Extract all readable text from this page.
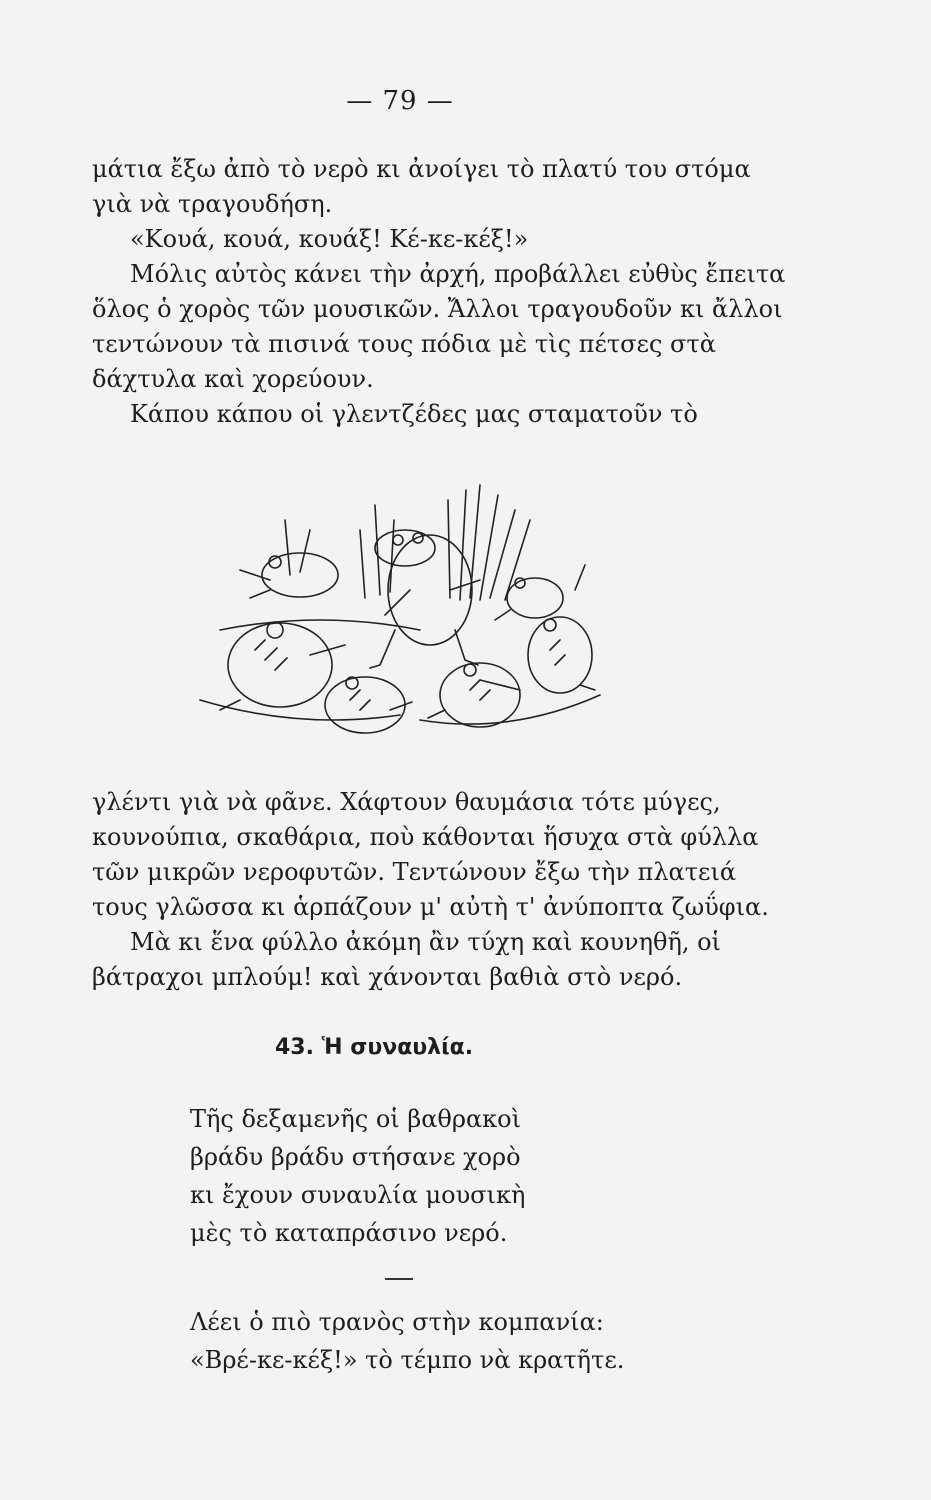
— 79 —

μάτια ἔξω ἀπὸ τὸ νερὸ κι ἀνοίγει τὸ πλατύ του στόμα γιὰ νὰ τραγουδήση.

«Κουά, κουά, κουάξ! Κέ-κε-κέξ!»

Μόλις αὐτὸς κάνει τὴν ἀρχή, προβάλλει εὐθὺς ἔπειτα ὅλος ὁ χορὸς τῶν μουσικῶν. Ἄλλοι τραγουδοῦν κι ἄλλοι τεντώνουν τὰ πισινά τους πόδια μὲ τὶς πέτσες στὰ δάχτυλα καὶ χορεύουν.

Κάπου κάπου οἱ γλεντζέδες μας σταματοῦν τὸ

γλέντι γιὰ νὰ φᾶνε. Χάφτουν θαυμάσια τότε μύγες, κουνούπια, σκαθάρια, ποὺ κάθονται ἥσυχα στὰ φύλλα τῶν μικρῶν νεροφυτῶν. Τεντώνουν ἔξω τὴν πλατειά τους γλῶσσα κι ἁρπάζουν μ' αὐτὴ τ' ἀνύποπτα ζωΰφια.

Μὰ κι ἕνα φύλλο ἀκόμη ἂν τύχη καὶ κουνηθῆ, οἱ βάτραχοι μπλούμ! καὶ χάνονται βαθιὰ στὸ νερό.

43. Ἡ συναυλία.
Τῆς δεξαμενῆς οἱ βαθρακοὶ
βράδυ βράδυ στήσανε χορὸ
κι ἔχουν συναυλία μουσικὴ
μὲς τὸ καταπράσινο νερό.
Λέει ὁ πιὸ τρανὸς στὴν κομπανία:
«Βρέ-κε-κέξ!» τὸ τέμπο νὰ κρατῆτε.
